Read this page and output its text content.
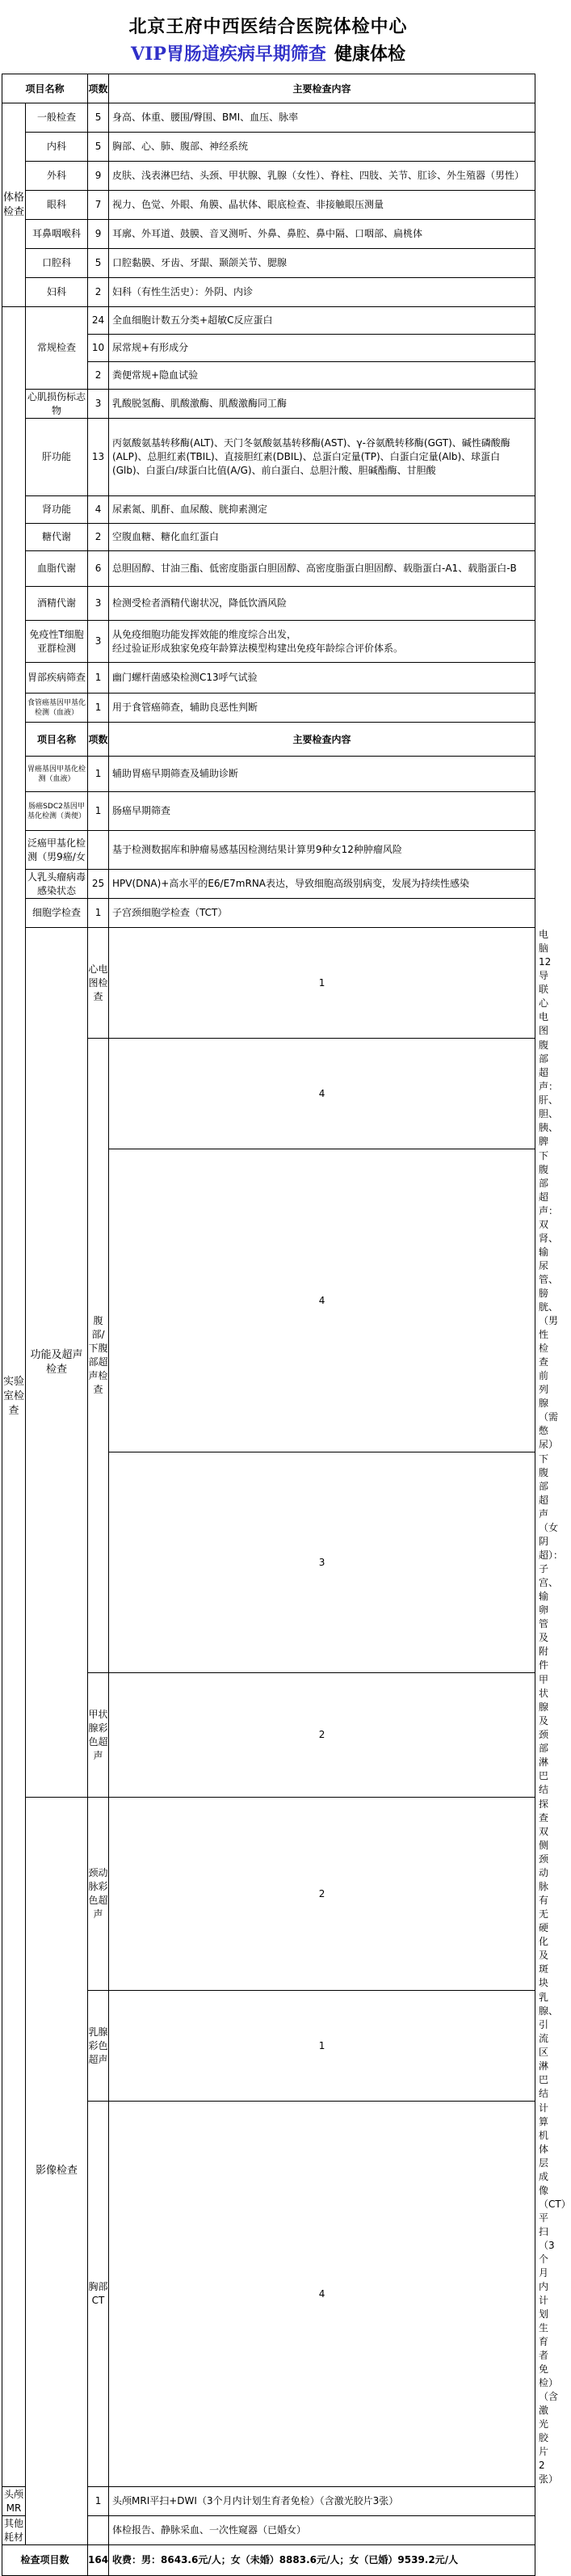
北京王府中西医结合医院体检中心
VIP胃肠道疾病早期筛查 健康体检
项目名称		项数	主要检查内容	
体格检查	一般检查	5	身高、体重、腰围/臀围、BMI、血压、脉率	
	内科	5	胸部、心、肺、腹部、神经系统	
	外科	9	皮肤、浅表淋巴结、头颈、甲状腺、乳腺（女性）、脊柱、四肢、关节、肛诊、外生殖器（男性）	
	眼科	7	视力、色觉、外眼、角膜、晶状体、眼底检查、非接触眼压测量	
	耳鼻咽喉科	9	耳廓、外耳道、鼓膜、音叉测听、外鼻、鼻腔、鼻中隔、口咽部、扁桃体	
	口腔科	5	口腔黏膜、牙齿、牙龈、颞颌关节、腮腺	
	妇科	2	妇科（有性生活史）：外阴、内诊	
实验室检查	常规检查	24	全血细胞计数五分类+超敏C反应蛋白	
		10	尿常规+有形成分	
		2	粪便常规+隐血试验	
	心肌损伤标志物	3	乳酸脱氢酶、肌酸激酶、肌酸激酶同工酶	
	肝功能	13	丙氨酸氨基转移酶(ALT)、天门冬氨酸氨基转移酶(AST)、γ-谷氨酰转移酶(GGT)、碱性磷酸酶(ALP)、总胆红素(TBIL)、直接胆红素(DBIL)、总蛋白定量(TP)、白蛋白定量(Alb)、球蛋白(Glb)、白蛋白/球蛋白比值(A/G)、前白蛋白、总胆汁酸、胆碱酯酶、甘胆酸	
	肾功能	4	尿素氮、肌酐、血尿酸、胱抑素测定	
	糖代谢	2	空腹血糖、糖化血红蛋白	
	血脂代谢	6	总胆固醇、甘油三酯、低密度脂蛋白胆固醇、高密度脂蛋白胆固醇、载脂蛋白-A1、载脂蛋白-B	
	酒精代谢	3	检测受检者酒精代谢状况，降低饮酒风险	
	免疫性T细胞亚群检测	3	从免疫细胞功能发挥效能的维度综合出发，
经过验证形成独家免疫年龄算法模型构建出免疫年龄综合评价体系。	

	胃部疾病筛查	1	幽门螺杆菌感染检测C13呼气试验	
	食管癌基因甲基化检测（血液）	1	用于食管癌筛查，辅助良恶性判断	
	项目名称	项数	主要检查内容	
	胃癌基因甲基化检测（血液）	1	辅助胃癌早期筛查及辅助诊断	
	肠癌SDC2基因甲基化检测（粪便）	1	肠癌早期筛查	
	泛癌甲基化检测（男9癌/女		基于检测数据库和肿瘤易感基因检测结果计算男9种女12种肿瘤风险	
	人乳头瘤病毒感染状态	25	HPV(DNA)+高水平的E6/E7mRNA表达，导致细胞高级别病变，发展为持续性感染	
	细胞学检查	1	子宫颈细胞学检查（TCT）	
	功能及超声检查	心电图检查	1	电脑12导联心电图
		腹部/下腹部超声检查	4	腹部超声：肝、胆、胰、脾
			4	下腹部超声：双肾、输尿管、膀胱、（男性检查前列腺（需憋尿）
			3	下腹部超声（女阴超）：子宫、输卵管及附件
		甲状腺彩色超声	2	甲状腺及颈部淋巴结
	影像检查	颈动脉彩色超声	2	探查双侧颈动脉有无硬化及斑块
		乳腺彩色超声	1	乳腺、引流区淋巴结
		胸部CT	4	计算机体层成像（CT）平扫（3个月内计划生育者免检）（含激光胶片2张）
头颅MR		1	头颅MRI平扫+DWI（3个月内计划生育者免检）（含激光胶片3张）	
其他耗材			体检报告、静脉采血、一次性窥器（已婚女）	
检查项目数		164	收费：男：8643.6元/人；女（未婚）8883.6元/人；女（已婚）9539.2元/人	
